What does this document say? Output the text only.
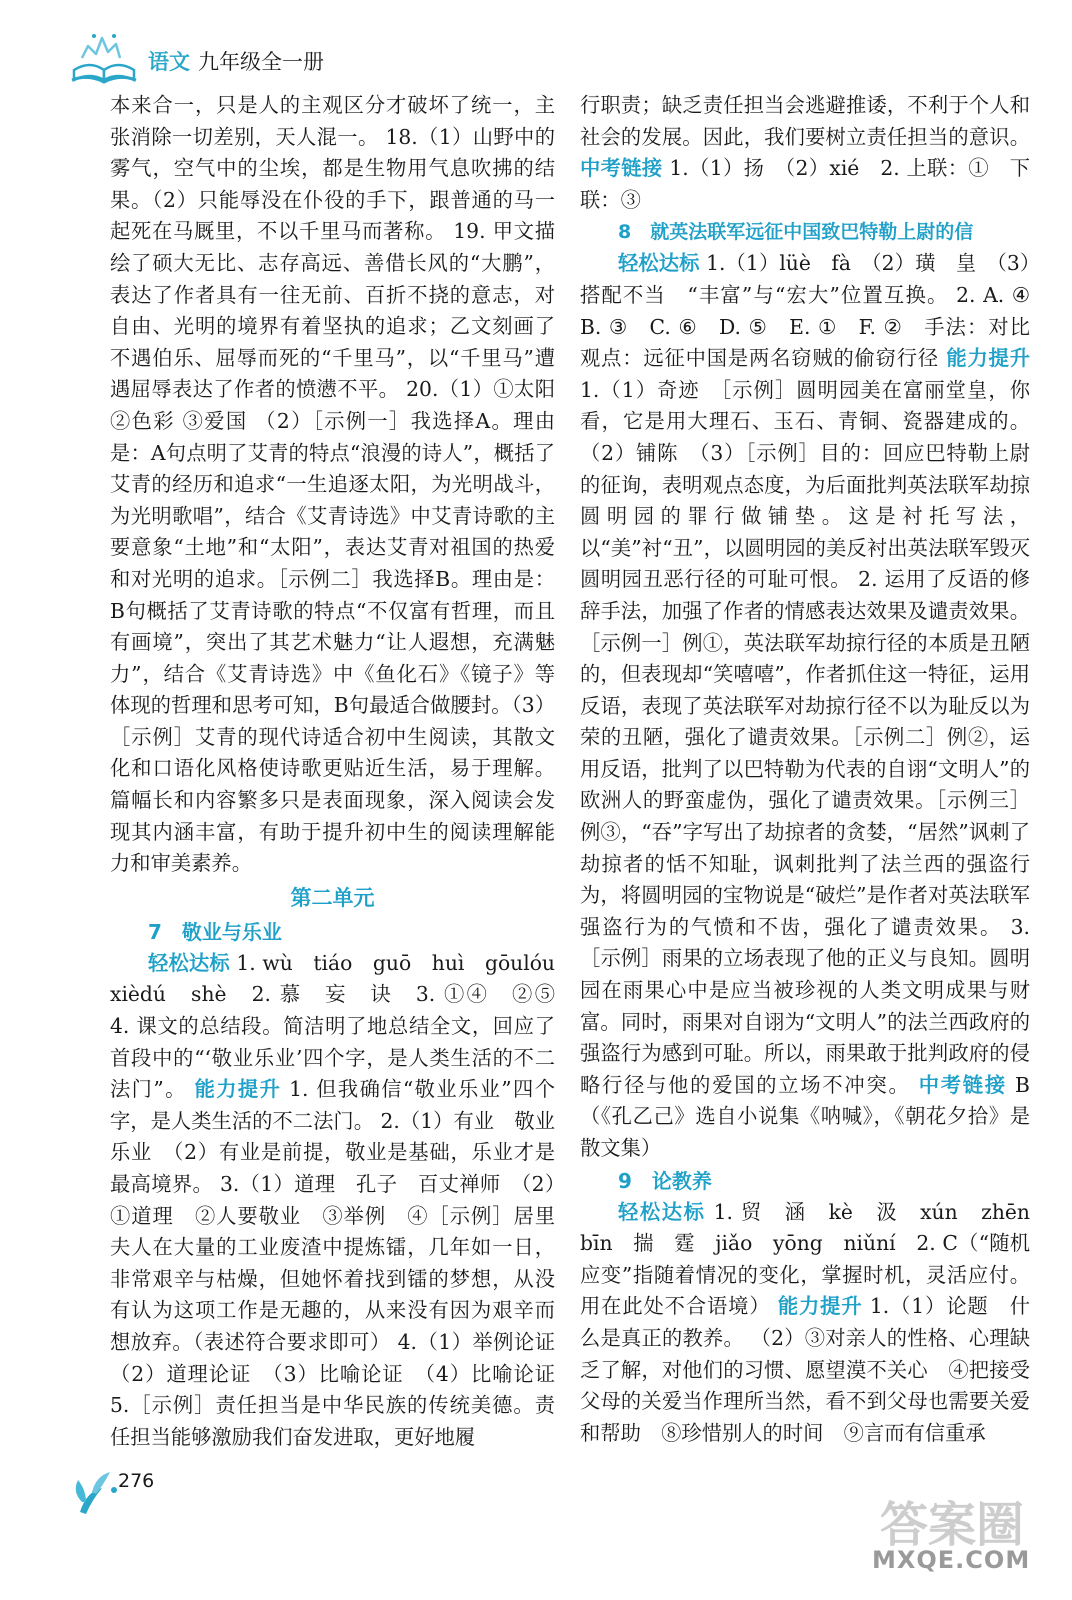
语文 九年级全一册

本来合一，只是人的主观区分才破坏了统一，主张消除一切差别，天人混一。 18.（1）山野中的雾气，空气中的尘埃，都是生物用气息吹拂的结果。（2）只能辱没在仆役的手下，跟普通的马一起死在马厩里，不以千里马而著称。 19. 甲文描绘了硕大无比、志存高远、善借长风的“大鹏”，表达了作者具有一往无前、百折不挠的意志，对自由、光明的境界有着坚执的追求；乙文刻画了不遇伯乐、屈辱而死的“千里马”，以“千里马”遭遇屈辱表达了作者的愤懑不平。 20.（1）①太阳 ②色彩 ③爱国 （2）［示例一］我选择A。理由是：A句点明了艾青的特点“浪漫的诗人”，概括了艾青的经历和追求“一生追逐太阳，为光明战斗，为光明歌唱”，结合《艾青诗选》中艾青诗歌的主要意象“土地”和“太阳”，表达艾青对祖国的热爱和对光明的追求。［示例二］我选择B。理由是：B句概括了艾青诗歌的特点“不仅富有哲理，而且有画境”，突出了其艺术魅力“让人遐想，充满魅力”，结合《艾青诗选》中《鱼化石》《镜子》等体现的哲理和思考可知，B句最适合做腰封。（3）［示例］艾青的现代诗适合初中生阅读，其散文化和口语化风格使诗歌更贴近生活，易于理解。篇幅长和内容繁多只是表面现象，深入阅读会发现其内涵丰富，有助于提升初中生的阅读理解能力和审美素养。

第二单元
7　敬业与乐业

轻松达标 1. wù　tiáo　guō　huì　gōulóu　xièdú　shè　2. 慕　妄　诀　3. ①④　②⑤　4. 课文的总结段。简洁明了地总结全文，回应了首段中的“‘敬业乐业’四个字，是人类生活的不二法门”。 能力提升 1. 但我确信“敬业乐业”四个字，是人类生活的不二法门。 2.（1）有业　敬业　乐业　（2）有业是前提，敬业是基础，乐业才是最高境界。 3.（1）道理　孔子　百丈禅师　（2）①道理　②人要敬业　③举例　④［示例］居里夫人在大量的工业废渣中提炼镭，几年如一日，非常艰辛与枯燥，但她怀着找到镭的梦想，从没有认为这项工作是无趣的，从来没有因为艰辛而想放弃。（表述符合要求即可） 4.（1）举例论证　（2）道理论证　（3）比喻论证　（4）比喻论证 5.［示例］责任担当是中华民族的传统美德。责任担当能够激励我们奋发进取，更好地履

行职责；缺乏责任担当会逃避推诿，不利于个人和社会的发展。因此，我们要树立责任担当的意识。 中考链接 1.（1）扬　（2）xié　2. 上联：①　下联：③

8　就英法联军远征中国致巴特勒上尉的信

轻松达标 1.（1）lüè　fà　（2）璜　皇　（3）搭配不当　“丰富”与“宏大”位置互换。 2. A. ④　B. ③　C. ⑥　D. ⑤　E. ①　F. ②　手法：对比　观点：远征中国是两名窃贼的偷窃行径 能力提升 1.（1）奇迹　［示例］圆明园美在富丽堂皇，你看，它是用大理石、玉石、青铜、瓷器建成的。（2）铺陈　（3）［示例］目的：回应巴特勒上尉的征询，表明观点态度，为后面批判英法联军劫掠圆明园的罪行做铺垫。这是衬托写法，以“美”衬“丑”，以圆明园的美反衬出英法联军毁灭圆明园丑恶行径的可耻可恨。 2. 运用了反语的修辞手法，加强了作者的情感表达效果及谴责效果。［示例一］例①，英法联军劫掠行径的本质是丑陋的，但表现却“笑嘻嘻”，作者抓住这一特征，运用反语，表现了英法联军对劫掠行径不以为耻反以为荣的丑陋，强化了谴责效果。［示例二］例②，运用反语，批判了以巴特勒为代表的自诩“文明人”的欧洲人的野蛮虚伪，强化了谴责效果。［示例三］例③，“吞”字写出了劫掠者的贪婪，“居然”讽刺了劫掠者的恬不知耻，讽刺批判了法兰西的强盗行为，将圆明园的宝物说是“破烂”是作者对英法联军强盗行为的气愤和不齿，强化了谴责效果。 3.［示例］雨果的立场表现了他的正义与良知。圆明园在雨果心中是应当被珍视的人类文明成果与财富。同时，雨果对自诩为“文明人”的法兰西政府的强盗行为感到可耻。所以，雨果敢于批判政府的侵略行径与他的爱国的立场不冲突。 中考链接 B（《孔乙己》选自小说集《呐喊》，《朝花夕拾》是散文集）

9　论教养

轻松达标 1. 贸　涵　kè　汲　xún　zhēn　bīn　揣　霆　jiǎo　yōng　niǔní　2. C（“随机应变”指随着情况的变化，掌握时机，灵活应付。用在此处不合语境） 能力提升 1.（1）论题　什么是真正的教养。 （2）③对亲人的性格、心理缺乏了解，对他们的习惯、愿望漠不关心　④把接受父母的关爱当作理所当然，看不到父母也需要关爱和帮助　⑧珍惜别人的时间　⑨言而有信重承

276
答案圈
MXQE.COM
